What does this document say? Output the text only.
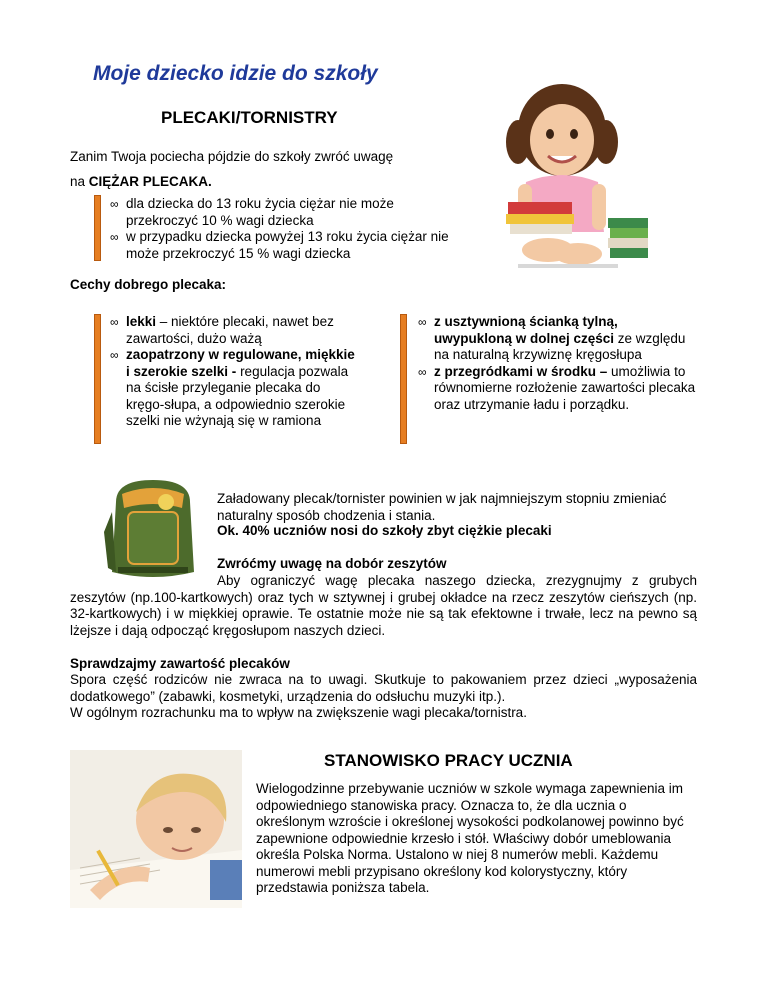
Moje dziecko idzie do szkoły
PLECAKI/TORNISTRY
Zanim Twoja pociecha pójdzie do szkoły zwróć uwagę
na CIĘŻAR PLECAKA.
∞ dla dziecka do 13 roku życia ciężar nie może przekroczyć 10 % wagi dziecka
∞ w przypadku dziecka powyżej 13 roku życia ciężar nie może przekroczyć 15 % wagi dziecka
Cechy dobrego plecaka:
∞ lekki – niektóre plecaki, nawet bez zawartości, dużo ważą
∞ zaopatrzony w regulowane, miękkie i szerokie szelki - regulacja pozwala na ścisłe przyleganie plecaka do kręgo-słupa, a odpowiednio szerokie szelki nie wżynają się w ramiona
∞ z usztywnioną ścianką tylną, uwypukloną w dolnej części ze względu na naturalną krzywiznę kręgosłupa
∞ z przegródkami w środku – umożliwia to równomierne rozłożenie zawartości plecaka oraz utrzymanie ładu i porządku.
Załadowany plecak/tornister powinien w jak najmniejszym stopniu zmieniać naturalny sposób chodzenia i stania.
Ok. 40% uczniów nosi do szkoły zbyt ciężkie plecaki
Zwróćmy uwagę na dobór zeszytów
Aby ograniczyć wagę plecaka naszego dziecka, zrezygnujmy z grubych zeszytów (np.100-kartkowych) oraz tych w sztywnej i grubej okładce na rzecz zeszytów cieńszych (np. 32-kartkowych) i w miękkiej oprawie. Te ostatnie może nie są tak efektowne i trwałe, lecz na pewno są lżejsze i dają odpocząć kręgosłupom naszych dzieci.
Sprawdzajmy zawartość plecaków
Spora część rodziców nie zwraca na to uwagi. Skutkuje to pakowaniem przez dzieci „wyposażenia dodatkowego” (zabawki, kosmetyki, urządzenia do odsłuchu muzyki itp.).
W ogólnym rozrachunku ma to wpływ na zwiększenie wagi plecaka/tornistra.
STANOWISKO PRACY UCZNIA
Wielogodzinne przebywanie uczniów w szkole wymaga zapewnienia im odpowiedniego stanowiska pracy. Oznacza to, że dla ucznia o określonym wzroście i określonej wysokości podkolanowej powinno być zapewnione odpowiednie krzesło i stół. Właściwy dobór umeblowania określa Polska Norma. Ustalono w niej 8 numerów mebli. Każdemu numerowi mebli przypisano określony kod kolorystyczny, który przedstawia poniższa tabela.
